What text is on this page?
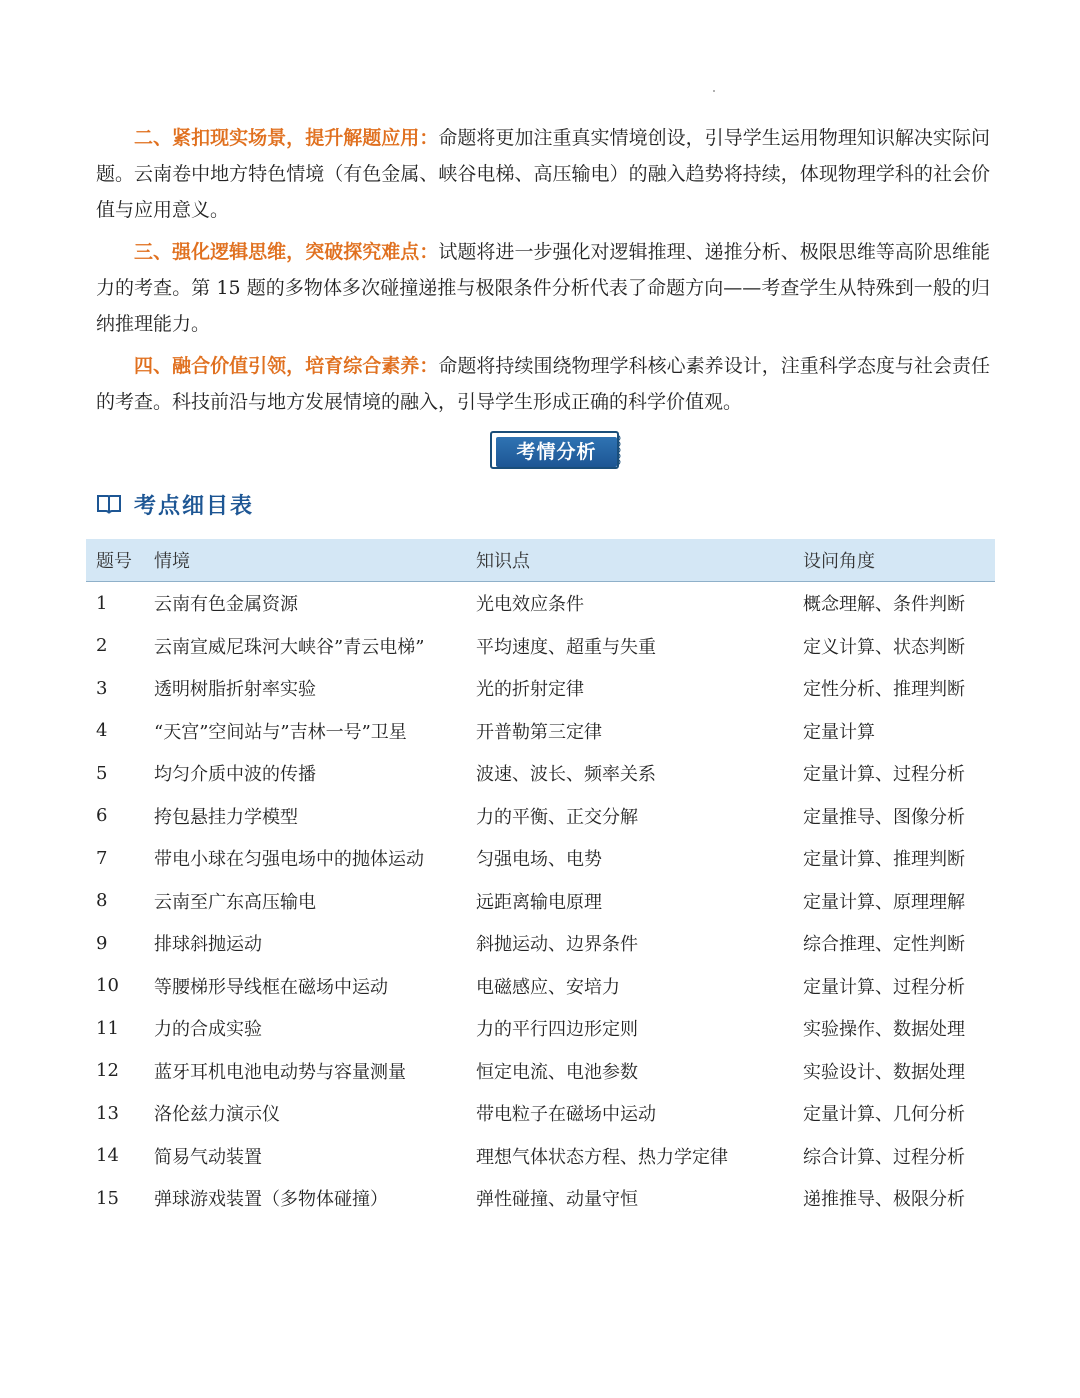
二、紧扣现实场景，提升解题应用：命题将更加注重真实情境创设，引导学生运用物理知识解决实际问题。云南卷中地方特色情境（有色金属、峡谷电梯、高压输电）的融入趋势将持续，体现物理学科的社会价值与应用意义。

三、强化逻辑思维，突破探究难点：试题将进一步强化对逻辑推理、递推分析、极限思维等高阶思维能力的考查。第 15 题的多物体多次碰撞递推与极限条件分析代表了命题方向——考查学生从特殊到一般的归纳推理能力。

四、融合价值引领，培育综合素养：命题将持续围绕物理学科核心素养设计，注重科学态度与社会责任的考查。科技前沿与地方发展情境的融入，引导学生形成正确的科学价值观。

考情分析
考点细目表
题号	情境	知识点	设问角度
1	云南有色金属资源	光电效应条件	概念理解、条件判断
2	云南宣威尼珠河大峡谷”青云电梯”	平均速度、超重与失重	定义计算、状态判断
3	透明树脂折射率实验	光的折射定律	定性分析、推理判断
4	“天宫”空间站与”吉林一号”卫星	开普勒第三定律	定量计算
5	均匀介质中波的传播	波速、波长、频率关系	定量计算、过程分析
6	挎包悬挂力学模型	力的平衡、正交分解	定量推导、图像分析
7	带电小球在匀强电场中的抛体运动	匀强电场、电势	定量计算、推理判断
8	云南至广东高压输电	远距离输电原理	定量计算、原理理解
9	排球斜抛运动	斜抛运动、边界条件	综合推理、定性判断
10	等腰梯形导线框在磁场中运动	电磁感应、安培力	定量计算、过程分析
11	力的合成实验	力的平行四边形定则	实验操作、数据处理
12	蓝牙耳机电池电动势与容量测量	恒定电流、电池参数	实验设计、数据处理
13	洛伦兹力演示仪	带电粒子在磁场中运动	定量计算、几何分析
14	简易气动装置	理想气体状态方程、热力学定律	综合计算、过程分析
15	弹球游戏装置（多物体碰撞）	弹性碰撞、动量守恒	递推推导、极限分析
